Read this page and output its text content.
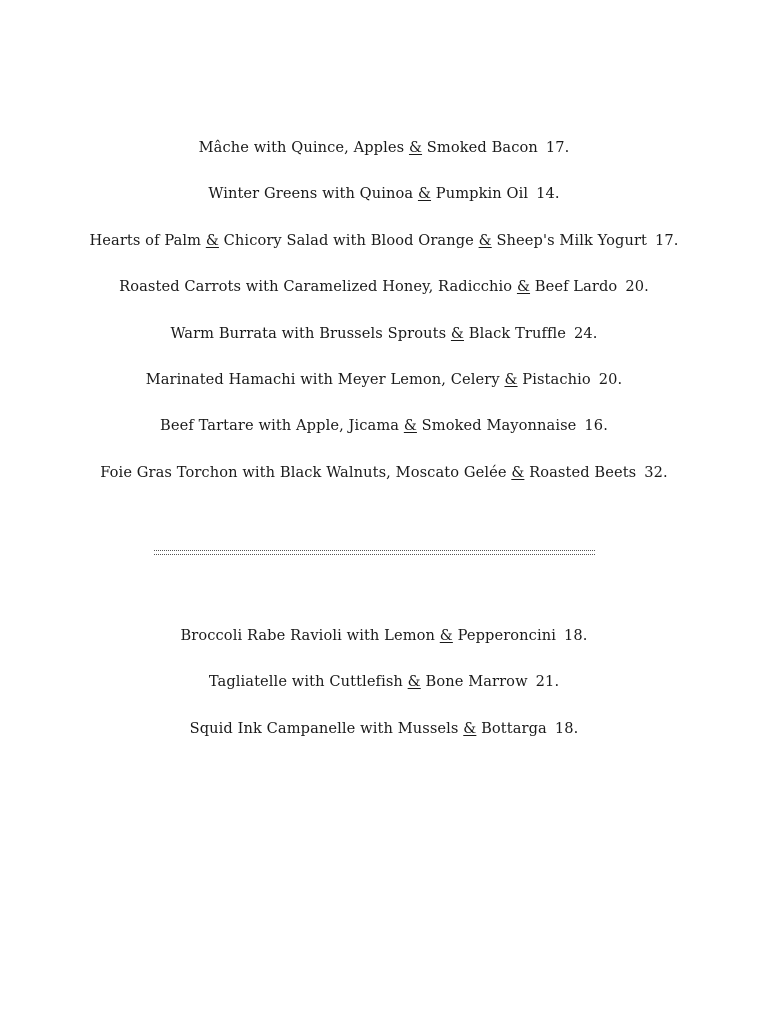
Mâche with Quince, Apples & Smoked Bacon 17.
Winter Greens with Quinoa & Pumpkin Oil 14.
Hearts of Palm & Chicory Salad with Blood Orange & Sheep's Milk Yogurt 17.
Roasted Carrots with Caramelized Honey, Radicchio & Beef Lardo 20.
Warm Burrata with Brussels Sprouts & Black Truffle 24.
Marinated Hamachi with Meyer Lemon, Celery & Pistachio 20.
Beef Tartare with Apple, Jicama & Smoked Mayonnaise 16.
Foie Gras Torchon with Black Walnuts, Moscato Gelée & Roasted Beets 32.
Broccoli Rabe Ravioli with Lemon & Pepperoncini 18.
Tagliatelle with Cuttlefish & Bone Marrow 21.
Squid Ink Campanelle with Mussels & Bottarga 18.
